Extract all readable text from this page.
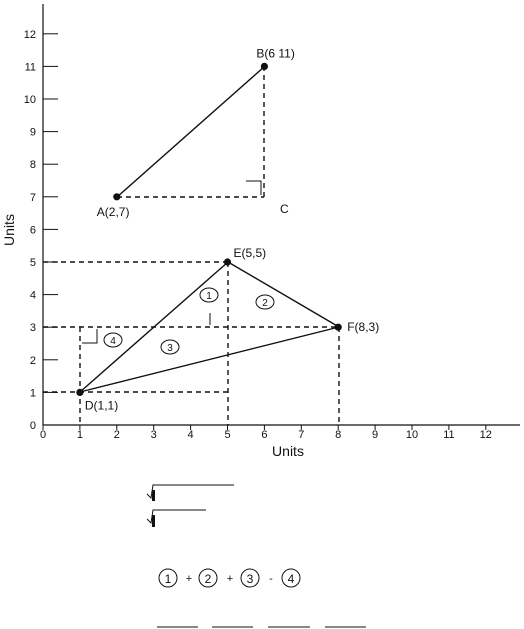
0	1	2	3	4	5	6	7	8	9	10 11 12
0
1
2
3
4
5
6
7
8
9
10
11
12
Units
Units
A(2,7)
B(6 11)
E(5,5)
F(8,3)
D(1,1)
C
1
2
3
4
1 + 2 + 3 - 4
